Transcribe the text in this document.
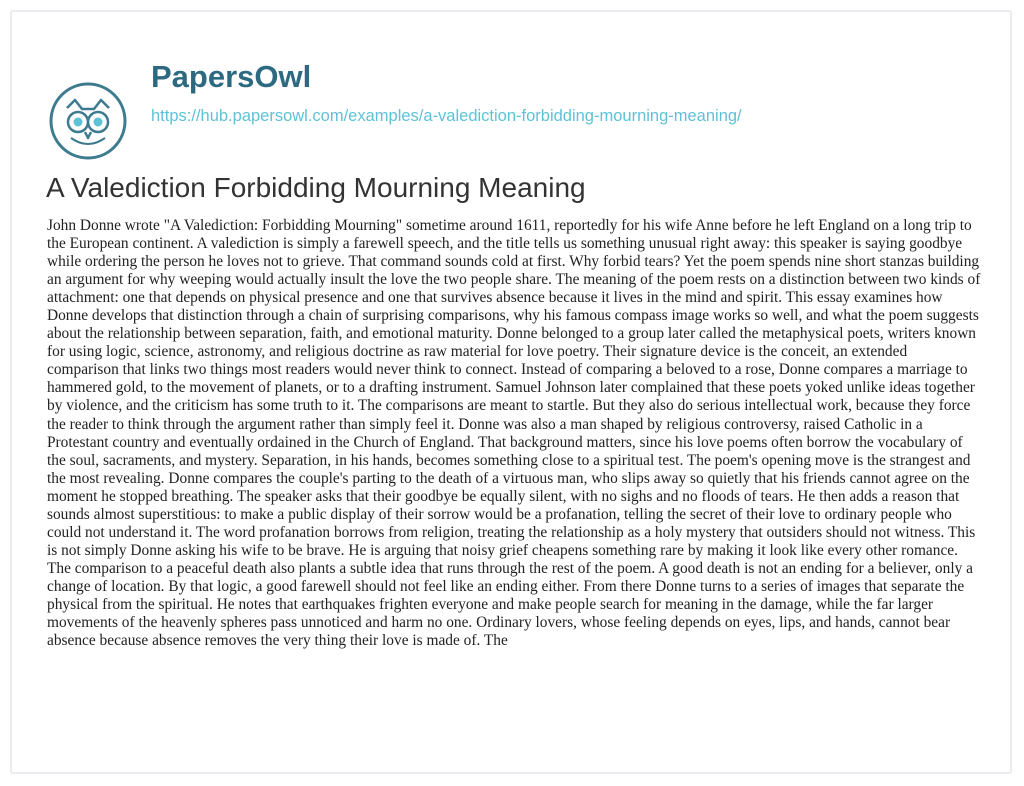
PapersOwl
https://hub.papersowl.com/examples/a-valediction-forbidding-mourning-meaning/
A Valediction Forbidding Mourning Meaning

John Donne wrote "A Valediction: Forbidding Mourning" sometime around 1611, reportedly for his wife Anne before he left England on a long trip to the European continent. A valediction is simply a farewell speech, and the title tells us something unusual right away: this speaker is saying goodbye while ordering the person he loves not to grieve. That command sounds cold at first. Why forbid tears? Yet the poem spends nine short stanzas building an argument for why weeping would actually insult the love the two people share. The meaning of the poem rests on a distinction between two kinds of attachment: one that depends on physical presence and one that survives absence because it lives in the mind and spirit. This essay examines how Donne develops that distinction through a chain of surprising comparisons, why his famous compass image works so well, and what the poem suggests about the relationship between separation, faith, and emotional maturity. Donne belonged to a group later called the metaphysical poets, writers known for using logic, science, astronomy, and religious doctrine as raw material for love poetry. Their signature device is the conceit, an extended comparison that links two things most readers would never think to connect. Instead of comparing a beloved to a rose, Donne compares a marriage to hammered gold, to the movement of planets, or to a drafting instrument. Samuel Johnson later complained that these poets yoked unlike ideas together by violence, and the criticism has some truth to it. The comparisons are meant to startle. But they also do serious intellectual work, because they force the reader to think through the argument rather than simply feel it. Donne was also a man shaped by religious controversy, raised Catholic in a Protestant country and eventually ordained in the Church of England. That background matters, since his love poems often borrow the vocabulary of the soul, sacraments, and mystery. Separation, in his hands, becomes something close to a spiritual test. The poem's opening move is the strangest and the most revealing. Donne compares the couple's parting to the death of a virtuous man, who slips away so quietly that his friends cannot agree on the moment he stopped breathing. The speaker asks that their goodbye be equally silent, with no sighs and no floods of tears. He then adds a reason that sounds almost superstitious: to make a public display of their sorrow would be a profanation, telling the secret of their love to ordinary people who could not understand it. The word profanation borrows from religion, treating the relationship as a holy mystery that outsiders should not witness. This is not simply Donne asking his wife to be brave. He is arguing that noisy grief cheapens something rare by making it look like every other romance. The comparison to a peaceful death also plants a subtle idea that runs through the rest of the poem. A good death is not an ending for a believer, only a change of location. By that logic, a good farewell should not feel like an ending either. From there Donne turns to a series of images that separate the physical from the spiritual. He notes that earthquakes frighten everyone and make people search for meaning in the damage, while the far larger movements of the heavenly spheres pass unnoticed and harm no one. Ordinary lovers, whose feeling depends on eyes, lips, and hands, cannot bear absence because absence removes the very thing their love is made of. The
